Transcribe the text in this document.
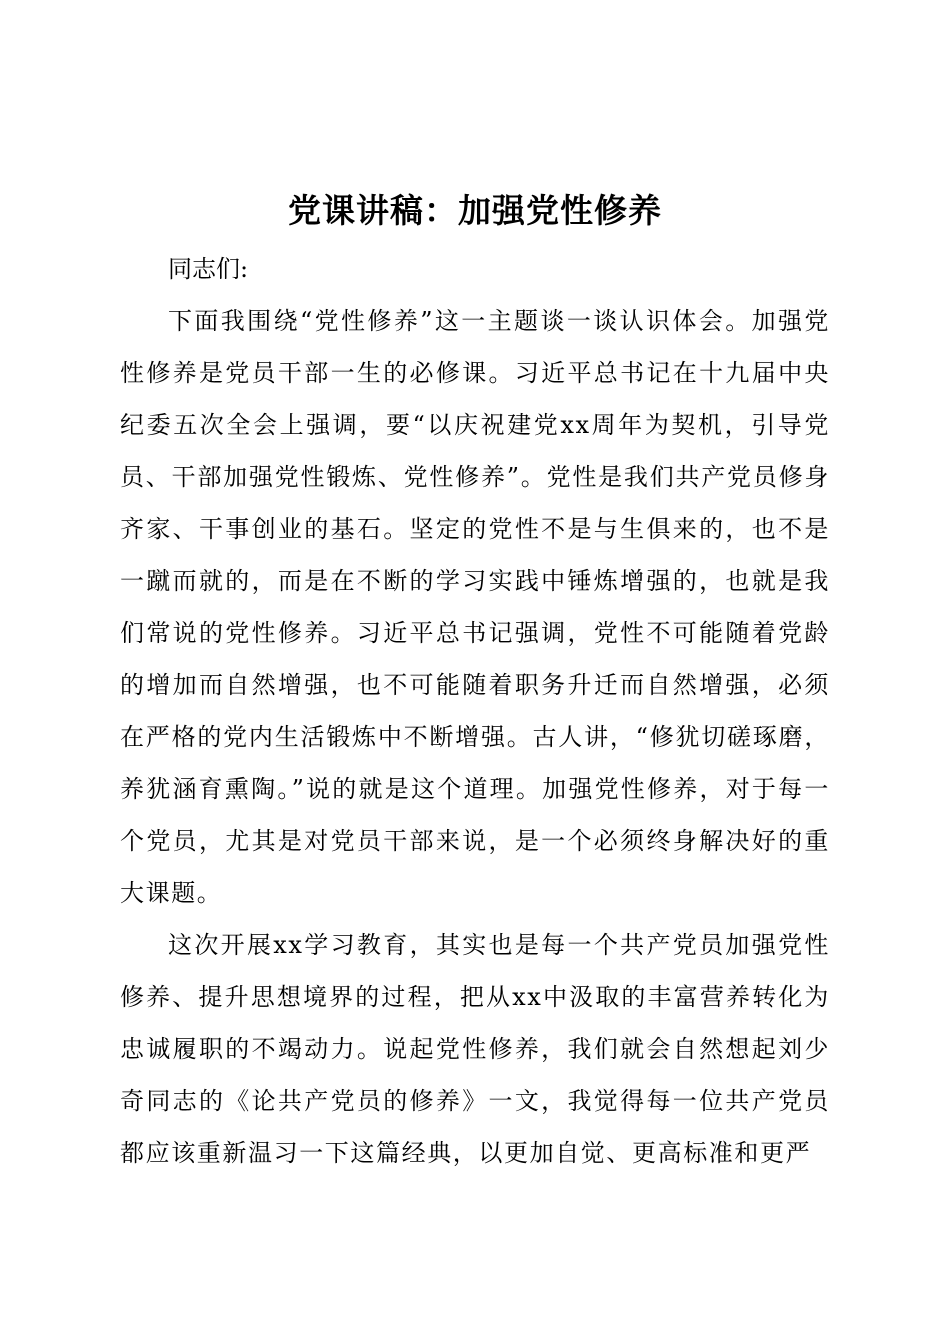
党课讲稿：加强党性修养

同志们:

下面我围绕“党性修养”这一主题谈一谈认识体会。加强党性修养是党员干部一生的必修课。习近平总书记在十九届中央纪委五次全会上强调，要“以庆祝建党xx周年为契机，引导党员、干部加强党性锻炼、党性修养”。党性是我们共产党员修身齐家、干事创业的基石。坚定的党性不是与生俱来的，也不是一蹴而就的，而是在不断的学习实践中锤炼增强的，也就是我们常说的党性修养。习近平总书记强调，党性不可能随着党龄的增加而自然增强，也不可能随着职务升迁而自然增强，必须在严格的党内生活锻炼中不断增强。古人讲，“修犹切磋琢磨，养犹涵育熏陶。”说的就是这个道理。加强党性修养，对于每一个党员，尤其是对党员干部来说，是一个必须终身解决好的重大课题。

这次开展xx学习教育，其实也是每一个共产党员加强党性修养、提升思想境界的过程，把从xx中汲取的丰富营养转化为忠诚履职的不竭动力。说起党性修养，我们就会自然想起刘少奇同志的《论共产党员的修养》一文，我觉得每一位共产党员都应该重新温习一下这篇经典，以更加自觉、更高标准和更严
